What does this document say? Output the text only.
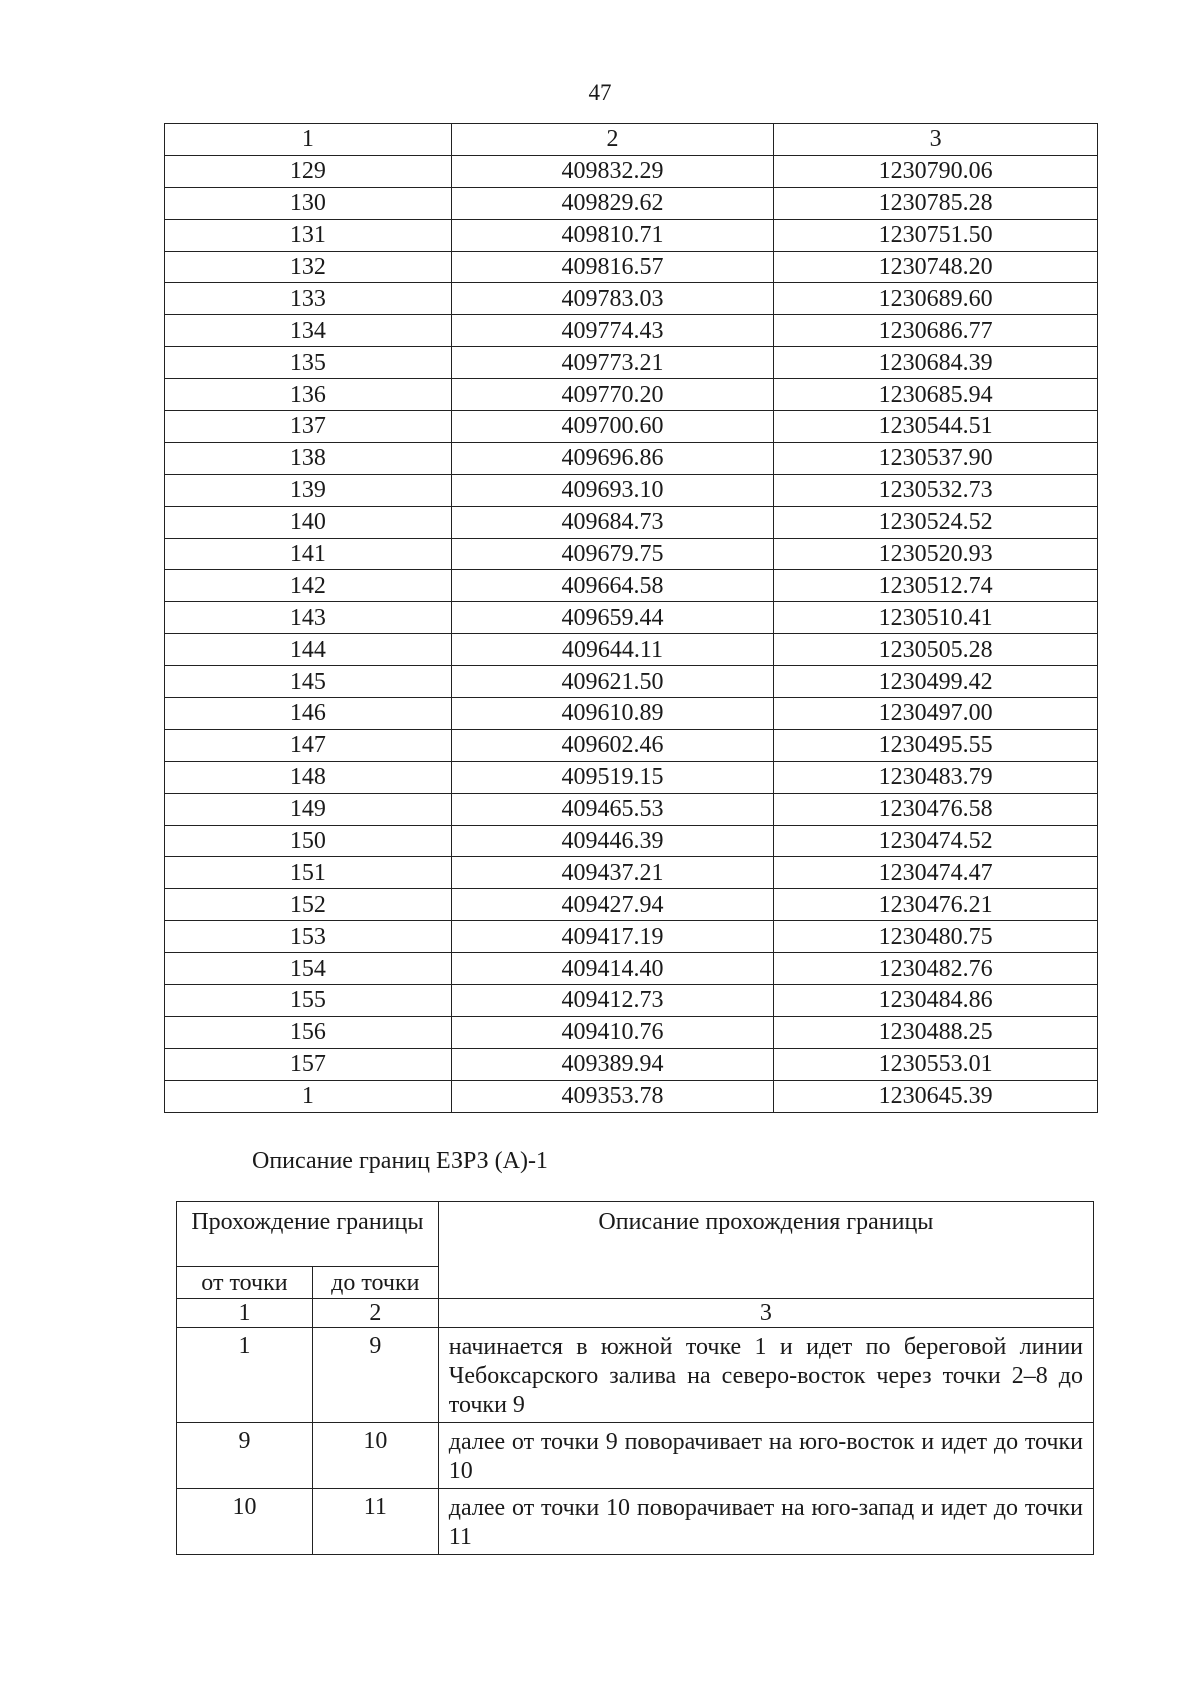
47
1	2	3
129	409832.29	1230790.06
130	409829.62	1230785.28
131	409810.71	1230751.50
132	409816.57	1230748.20
133	409783.03	1230689.60
134	409774.43	1230686.77
135	409773.21	1230684.39
136	409770.20	1230685.94
137	409700.60	1230544.51
138	409696.86	1230537.90
139	409693.10	1230532.73
140	409684.73	1230524.52
141	409679.75	1230520.93
142	409664.58	1230512.74
143	409659.44	1230510.41
144	409644.11	1230505.28
145	409621.50	1230499.42
146	409610.89	1230497.00
147	409602.46	1230495.55
148	409519.15	1230483.79
149	409465.53	1230476.58
150	409446.39	1230474.52
151	409437.21	1230474.47
152	409427.94	1230476.21
153	409417.19	1230480.75
154	409414.40	1230482.76
155	409412.73	1230484.86
156	409410.76	1230488.25
157	409389.94	1230553.01
1	409353.78	1230645.39
Описание границ ЕЗРЗ (А)-1
Прохождение границы		Описание прохождения границы
от точки	до точки	
1	2	3
1	9	начинается в южной точке 1 и идет по береговой линии Чебоксарского залива на северо-восток через точки 2–8 до точки 9
9	10	далее от точки 9 поворачивает на юго-восток и идет до точки 10
10	11	далее от точки 10 поворачивает на юго-запад и идет до точки 11
